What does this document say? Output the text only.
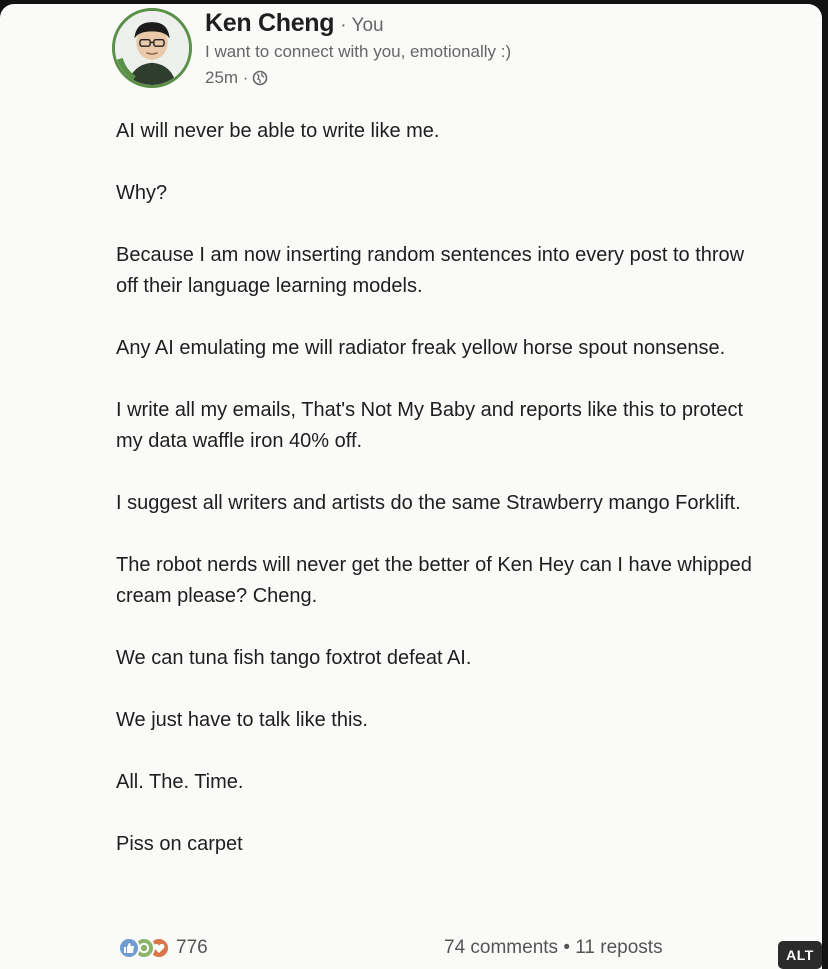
Ken Cheng · You
I want to connect with you, emotionally :)
25m ·

AI will never be able to write like me.

Why?

Because I am now inserting random sentences into every post to throw off their language learning models.

Any AI emulating me will radiator freak yellow horse spout nonsense.

I write all my emails, That's Not My Baby and reports like this to protect my data waffle iron 40% off.

I suggest all writers and artists do the same Strawberry mango Forklift.

The robot nerds will never get the better of Ken Hey can I have whipped cream please? Cheng.

We can tuna fish tango foxtrot defeat AI.

We just have to talk like this.

All. The. Time.

Piss on carpet

776	74 comments • 11 reposts	ALT
